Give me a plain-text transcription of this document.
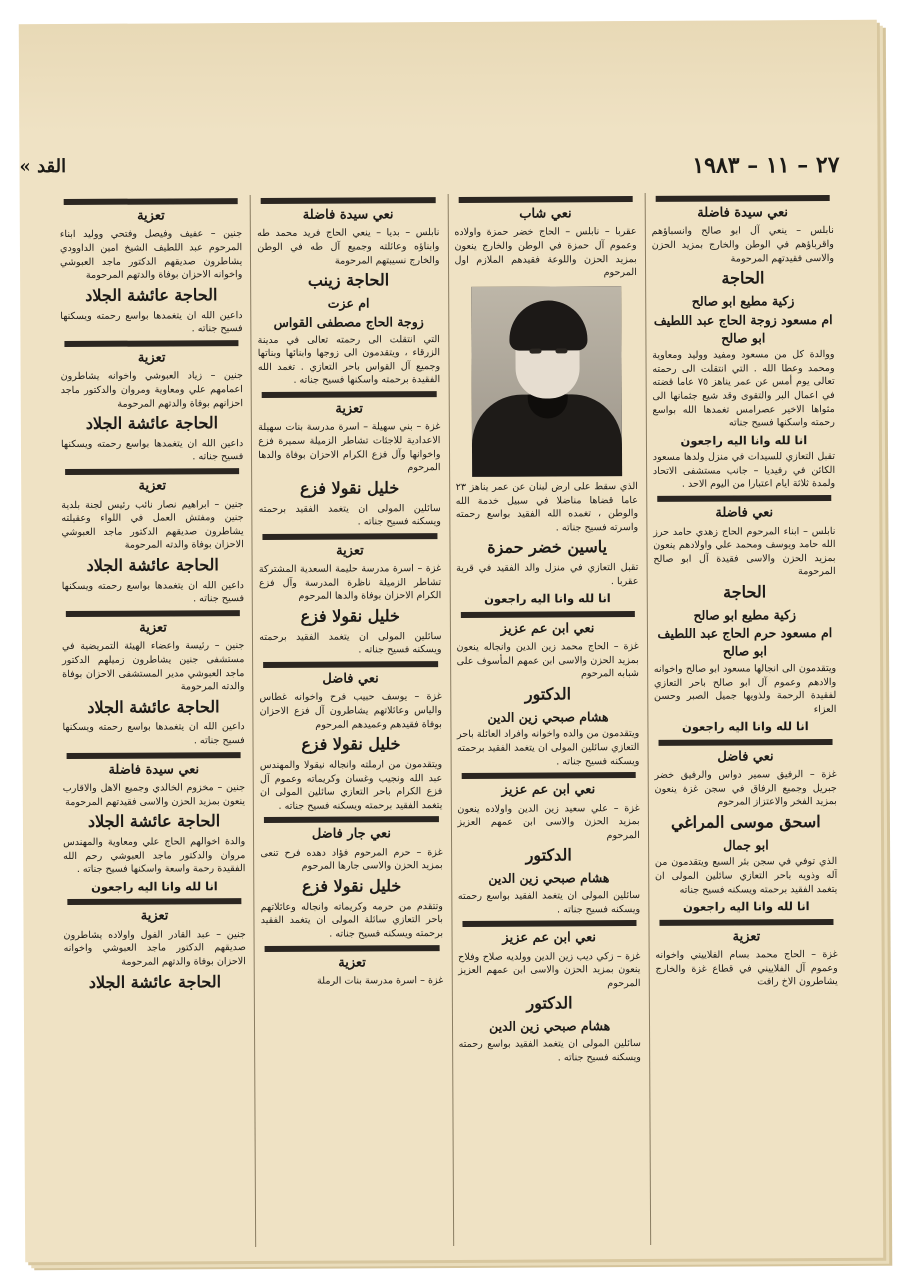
« القد	٢٧ – ١١ – ١٩٨٣
نعي سيدة فاضلة
نابلس – ينعي آل ابو صالح وانسباؤهم واقرباؤهم في الوطن والخارج بمزيد الحزن والاسى فقيدتهم المرحومة
الحاجة
زكية مطيع ابو صالح
ام مسعود زوجة الحاج عبد اللطيف ابو صالح
ووالدة كل من مسعود ومفيد ووليد ومعاوية ومحمد وعطا الله . التي انتقلت الى رحمته تعالى يوم أمس عن عمر يناهز ٧٥ عاما قضته في اعمال البر والتقوى وقد شيع جثمانها الى مثواها الاخير عصرامس تغمدها الله بواسع رحمته واسكنها فسيح جناته
انا لله وانا اليه راجعون
تقبل التعازي للسيدات في منزل ولدها مسعود الكائن في رفيديا – جانب مستشفى الاتحاد ولمدة ثلاثة ايام اعتبارا من اليوم الاحد .
نعي فاضلة
نابلس – ابناء المرحوم الحاج زهدي حامد حرز الله حامد ويوسف ومحمد علي واولادهم ينعون بمزيد الحزن والاسى فقيدة آل ابو صالح المرحومة
الحاجة
زكية مطيع ابو صالح
ام مسعود حرم الحاج عبد اللطيف ابو صالح
ويتقدمون الى انجالها مسعود ابو صالح واخوانه والادهم وعموم آل ابو صالح باحر التعازي لفقيدة الرحمة ولذويها جميل الصبر وحسن العزاء
انا لله وانا اليه راجعون
نعي فاضل
غزة – الرفيق سمير دواس والرفيق خضر جبريل وجميع الرفاق في سجن غزة ينعون بمزيد الفخر والاعتزاز المرحوم
اسحق موسى المراغي
ابو جمال
الذي توفي في سجن بئر السبع ويتقدمون من آله وذويه باحر التعازي سائلين المولى ان يتغمد الفقيد برحمته ويسكنه فسيح جناته
انا لله وانا اليه راجعون
تعزية
غزة – الحاج محمد بسام الفلاييني واخوانه وعموم آل الفلاييني في قطاع غزة والخارج يشاطرون الاخ رافت
نعي شاب
عقربا – نابلس – الحاج خضر حمزة واولاده وعموم آل حمزة في الوطن والخارج ينعون بمزيد الحزن واللوعة فقيدهم الملازم اول المرحوم
الذي سقط على ارض لبنان عن عمر يناهز ٢٣ عاما قضاها مناضلا في سبيل خدمة الله والوطن ، تغمده الله الفقيد بواسع رحمته واسرته فسيح جناته .
ياسين خضر حمزة
تقبل التعازي في منزل والد الفقيد في قرية عقربا .
انا لله وانا اليه راجعون
نعي ابن عم عزيز
غزة – الحاج محمد زين الدين وانجاله ينعون بمزيد الحزن والاسى ابن عمهم المأسوف على شبابه المرحوم
الدكتور
هشام صبحي زين الدين
ويتقدمون من والده واخوانه وافراد العائلة باحر التعازي سائلين المولى ان يتغمد الفقيد برحمته ويسكنه فسيح جناته .
نعي ابن عم عزيز
غزة – علي سعيد زين الدين واولاده ينعون بمزيد الحزن والاسى ابن عمهم العزيز المرحوم
الدكتور
هشام صبحي زين الدين
سائلين المولى ان يتغمد الفقيد بواسع رحمته ويسكنه فسيح جناته .
نعي ابن عم عزيز
غزة – زكي ديب زين الدين وولديه صلاح وفلاح ينعون بمزيد الحزن والاسى ابن عمهم العزيز المرحوم
الدكتور
هشام صبحي زين الدين
سائلين المولى ان يتغمد الفقيد بواسع رحمته ويسكنه فسيح جناته .
نعي سيدة فاضلة
نابلس – بديا – ينعي الحاج فريد محمد طه وابناؤه وعائلته وجميع آل طه في الوطن والخارج نسيبتهم المرحومة
الحاجة زينب
ام عزت
زوجة الحاج مصطفى القواس
التي انتقلت الى رحمته تعالى في مدينة الزرقاء ، ويتقدمون الى زوجها وابنائها وبناتها وجميع آل القواس باحر التعازي . تغمد الله الفقيدة برحمته واسكنها فسيح جناته .
تعزية
غزة – بني سهيلة – اسرة مدرسة بنات سهيلة الاعدادية للاجئات تشاطر الزميلة سميرة فزع واخوانها وآل فزع الكرام الاحزان بوفاة والدها المرحوم
خليل نقولا فزع
سائلين المولى ان يتغمد الفقيد برحمته ويسكنه فسيح جناته .
تعزية
غزة – اسرة مدرسة حليمة السعدية المشتركة تشاطر الزميلة ناظرة المدرسة وآل فزع الكرام الاحزان بوفاة والدها المرحوم
خليل نقولا فزع
سائلين المولى ان يتغمد الفقيد برحمته ويسكنه فسيح جناته .
نعي فاضل
غزة – يوسف حبيب فرح واخوانه غطاس والياس وعائلاتهم يشاطرون آل فزع الاحزان بوفاة فقيدهم وعميدهم المرحوم
خليل نقولا فزع
ويتقدمون من ارملته وانجاله نيقولا والمهندس عبد الله ونجيب وغسان وكريماته وعموم آل فزع الكرام باحر التعازي سائلين المولى ان يتغمد الفقيد برحمته ويسكنه فسيح جناته .
نعي جار فاضل
غزة – حرم المرحوم فؤاد دهده فرح تنعى بمزيد الحزن والاسى جارها المرحوم
خليل نقولا فزع
وتتقدم من حرمه وكريماته وانجاله وعائلاتهم باحر التعازي سائلة المولى ان يتغمد الفقيد برحمته ويسكنه فسيح جناته .
تعزية
غزة – اسرة مدرسة بنات الرملة
تعزية
جنين – عفيف وفيصل وفتحي ووليد ابناء المرحوم عبد اللطيف الشيخ امين الداوودي يشاطرون صديقهم الدكتور ماجد العبوشي واخوانه الاحزان بوفاة والدتهم المرحومة
الحاجة عائشة الجلاد
داعين الله ان يتغمدها بواسع رحمته ويسكنها فسيح جناته .
تعزية
جنين – زياد العبوشي واخوانه يشاطرون اعمامهم علي ومعاوية ومروان والدكتور ماجد احزانهم بوفاة والدتهم المرحومة
الحاجة عائشة الجلاد
داعين الله ان يتغمدها بواسع رحمته ويسكنها فسيح جناته .
تعزية
جنين – ابراهيم نصار نائب رئيس لجنة بلدية جنين ومفتش العمل في اللواء وعقيلته يشاطرون صديقهم الدكتور ماجد العبوشي الاحزان بوفاة والدته المرحومة
الحاجة عائشة الجلاد
داعين الله ان يتغمدها بواسع رحمته ويسكنها فسيح جناته .
تعزية
جنين – رئيسة واعضاء الهيئة التمريضية في مستشفى جنين يشاطرون زميلهم الدكتور ماجد العبوشي مدير المستشفى الاحزان بوفاة والدته المرحومة
الحاجة عائشة الجلاد
داعين الله ان يتغمدها بواسع رحمته ويسكنها فسيح جناته .
نعي سيدة فاضلة
جنين – مخزوم الخالدي وجميع الاهل والاقارب ينعون بمزيد الحزن والاسى فقيدتهم المرحومة
الحاجة عائشة الجلاد
والدة اخوالهم الحاج علي ومعاوية والمهندس مروان والدكتور ماجد العبوشي رحم الله الفقيدة رحمة واسعة واسكنها فسيح جناته .
انا لله وانا اليه راجعون
تعزية
جنين – عبد القادر الفول واولاده يشاطرون صديقهم الدكتور ماجد العبوشي واخوانه الاحزان بوفاة والدتهم المرحومة
الحاجة عائشة الجلاد
